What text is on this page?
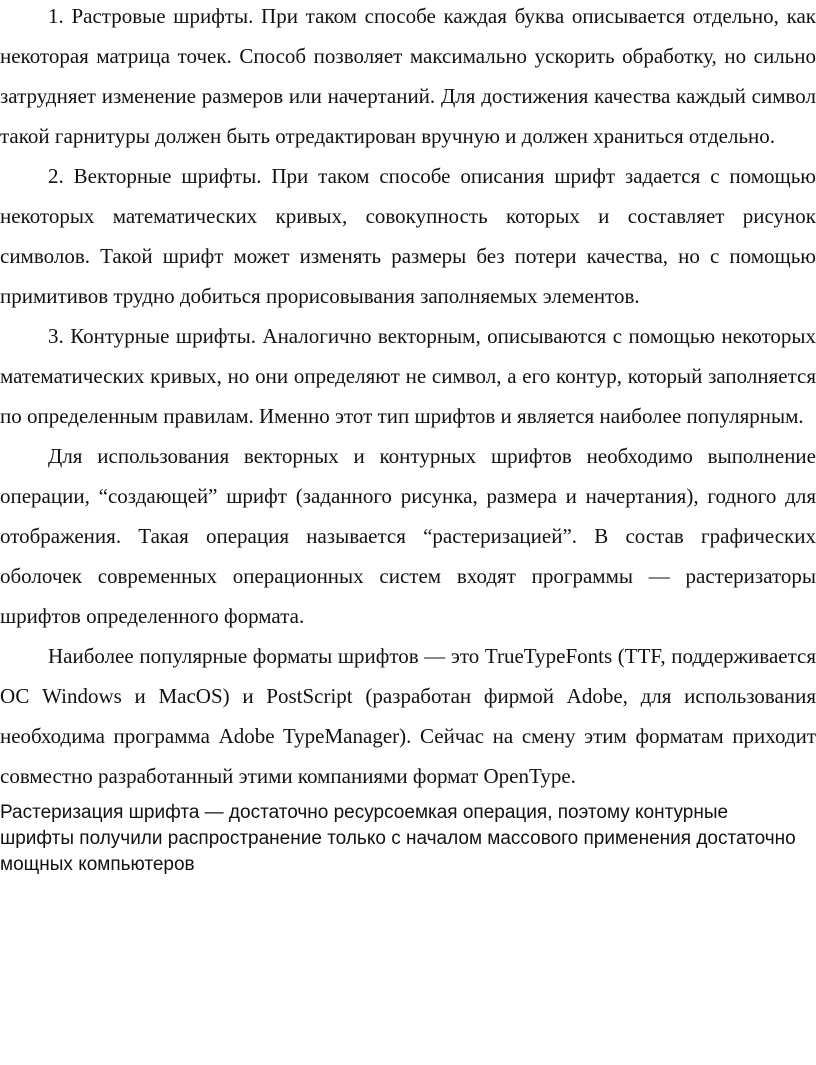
1. Растровые шрифты. При таком способе каждая буква описывается отдельно, как некоторая матрица точек. Способ позволяет максимально ускорить обработку, но сильно затрудняет изменение размеров или начертаний. Для достижения качества каждый символ такой гарнитуры должен быть отредактирован вручную и должен храниться отдельно.

2. Векторные шрифты. При таком способе описания шрифт задается с помощью некоторых математических кривых, совокупность которых и составляет рисунок символов. Такой шрифт может изменять размеры без потери качества, но с помощью примитивов трудно добиться прорисовывания заполняемых элементов.

3. Контурные шрифты. Аналогично векторным, описываются с помощью некоторых математических кривых, но они определяют не символ, а его контур, который заполняется по определенным правилам. Именно этот тип шрифтов и является наиболее популярным.

Для использования векторных и контурных шрифтов необходимо выполнение операции, “создающей” шрифт (заданного рисунка, размера и начертания), годного для отображения. Такая операция называется “растеризацией”. В состав графических оболочек современных операционных систем входят программы — растеризаторы шрифтов определенного формата.

Наиболее популярные форматы шрифтов — это TrueTypeFonts (TTF, поддерживается ОС Windows и MacOS) и PostScript (разработан фирмой Adobe, для использования необходима программа Adobe TypeManager). Сейчас на смену этим форматам приходит совместно разработанный этими компаниями формат OpenType.

Растеризация шрифта — достаточно ресурсоемкая операция, поэтому контурные шрифты получили распространение только с началом массового применения достаточно мощных компьютеров
